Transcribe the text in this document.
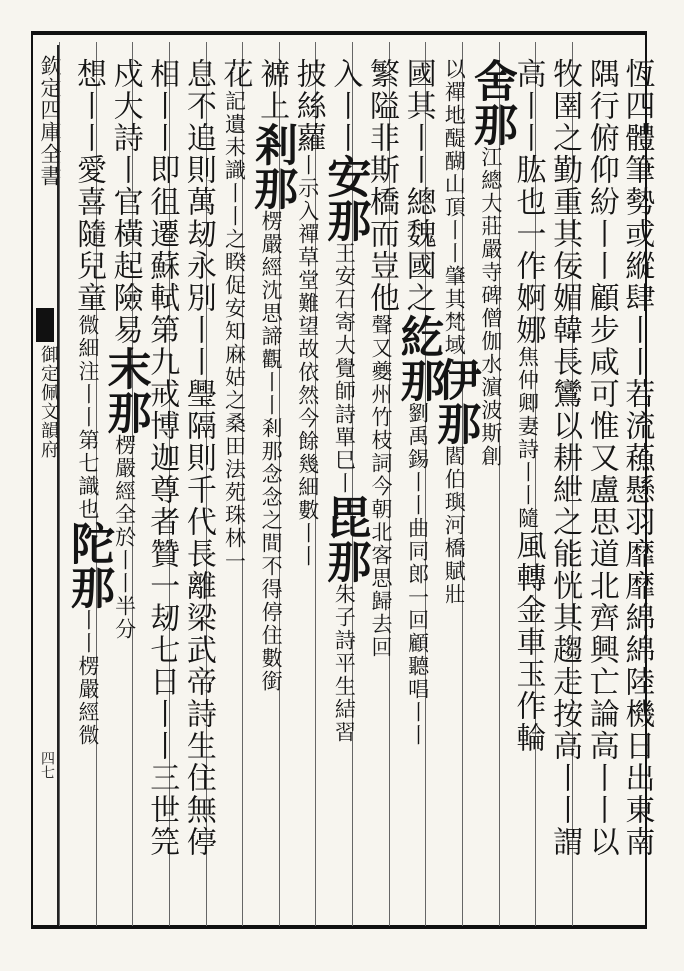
欽定四庫全書
御定佩文韻府
四七	恆四體筆勢或縱肆丨丨若流蘓懸羽靡靡綿綿陸機日出東南
隅行俯仰紛丨丨顧步咸可惟又盧思道北齊興亡論高丨丨以
牧圉之勤重其佞媚韓長鸞以耕紲之能恍其趨走按高丨丨謂
高丨丨肱也一作婀娜焦仲卿妻詩丨丨隨風轉金車玉作輪
舍那江總大莊嚴寺碑僧伽水濵波斯創
以禪地醍醐山頂丨丨肇其梵域伊那閻伯璵河橋賦壯
國其丨丨總魏國之紇那劉禹錫丨丨曲同郎一回顧聽唱丨丨
繁隘非斯橋而豈他聲又夔州竹枝詞今朝北客思歸去回
入丨丨安那王安石寄大覺師詩單巳丨毘那朱子詩平生結習
披絲蘿丨示入禪草堂難望故依然今餘幾細數丨丨
褯上剎那楞嚴經沈思諦觀丨丨剎那念念之間不得停住數銜
花記遺未識丨丨之睽促安知麻姑之桑田法苑珠林一
息不追則萬刼永別丨丨璺隔則千代長離梁武帝詩生住無停
相丨丨即徂遷蘇軾第九戒博迦尊者贊一刼七日丨丨三世笎
戍大詩丨官橫起險易末那楞嚴經全於丨丨半分
想丨丨愛喜隨兒童微細注丨丨第七識也陀那丨丨楞嚴經微
